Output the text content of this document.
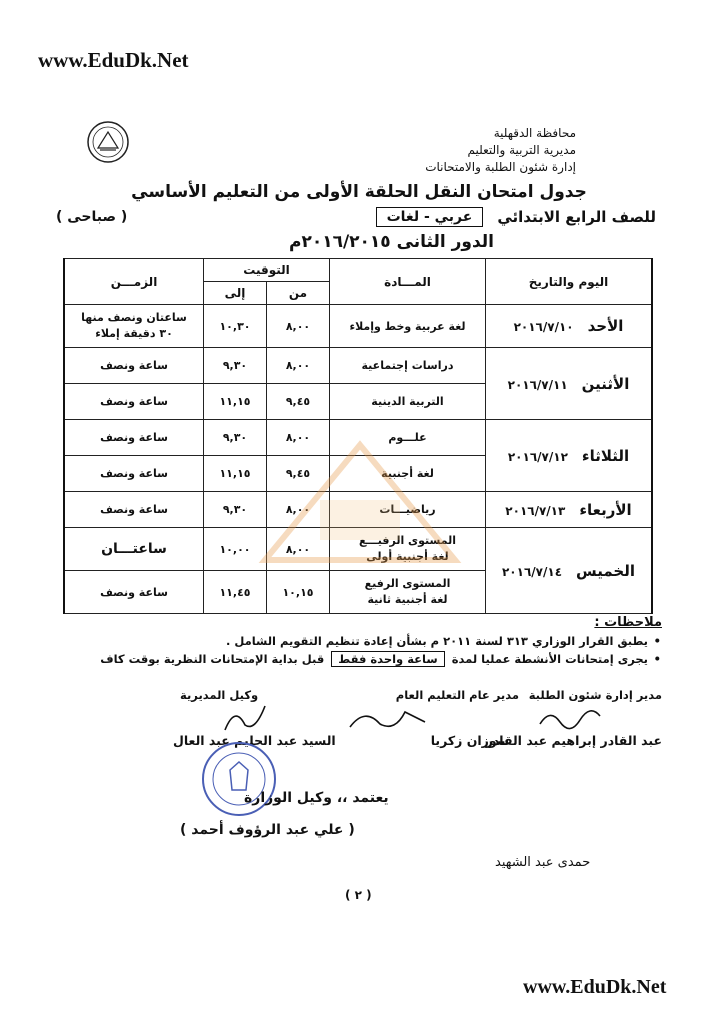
www.EduDk.Net
محافظة الدقهلية
مديرية التربية والتعليم
إدارة شئون الطلبة والامتحانات
جدول امتحان النقل الحلقة الأولى من التعليم الأساسي
للصف الرابع الابتدائي
عربي - لغات
( صباحى )
الدور الثانى ٢٠١٦/٢٠١٥م
اليوم والتاريخ	المـــادة	التوقيت		الزمـــن
		من	إلى	
الأحد٢٠١٦/٧/١٠	لغة عربية وخط وإملاء	٨,٠٠	١٠,٣٠	ساعتان ونصف منها
٣٠ دقيقة إملاء

الأثنين٢٠١٦/٧/١١	دراسات إجتماعية	٨,٠٠	٩,٣٠	ساعة ونصف
	التربية الدينية	٩,٤٥	١١,١٥	ساعة ونصف
الثلاثاء٢٠١٦/٧/١٢	علـــوم	٨,٠٠	٩,٣٠	ساعة ونصف
	لغة أجنبية	٩,٤٥	١١,١٥	ساعة ونصف
الأربعاء٢٠١٦/٧/١٣	رياضيـــات	٨,٠٠	٩,٣٠	ساعة ونصف
الخميس٢٠١٦/٧/١٤	المستوى الرفيـــع
لغة أجنبية أولى	٨,٠٠	١٠,٠٠	ساعتـــان

	المستوى الرفيع
لغة أجنبية ثانية	١٠,١٥	١١,٤٥	ساعة ونصف
ملاحظات :
• يطبق القرار الوزاري ٣١٣ لسنة ٢٠١١ م بشأن إعادة تنظيم التقويم الشامل .
• يجرى إمتحانات الأنشطة عمليا لمدة ساعة واحدة فقط قبل بداية الإمتحانات النظرية بوقت كاف
مدير إدارة شئون الطلبة
مدير عام التعليم العام
وكيل المديرية
عبد القادر إبراهيم عبد القادر
سوزان زكريا
السيد عبد الحليم عبد العال
يعتمد ،، وكيل الوزارة
( علي عبد الرؤوف أحمد )
حمدى عبد الشهيد
( ٢ )
www.EduDk.Net
